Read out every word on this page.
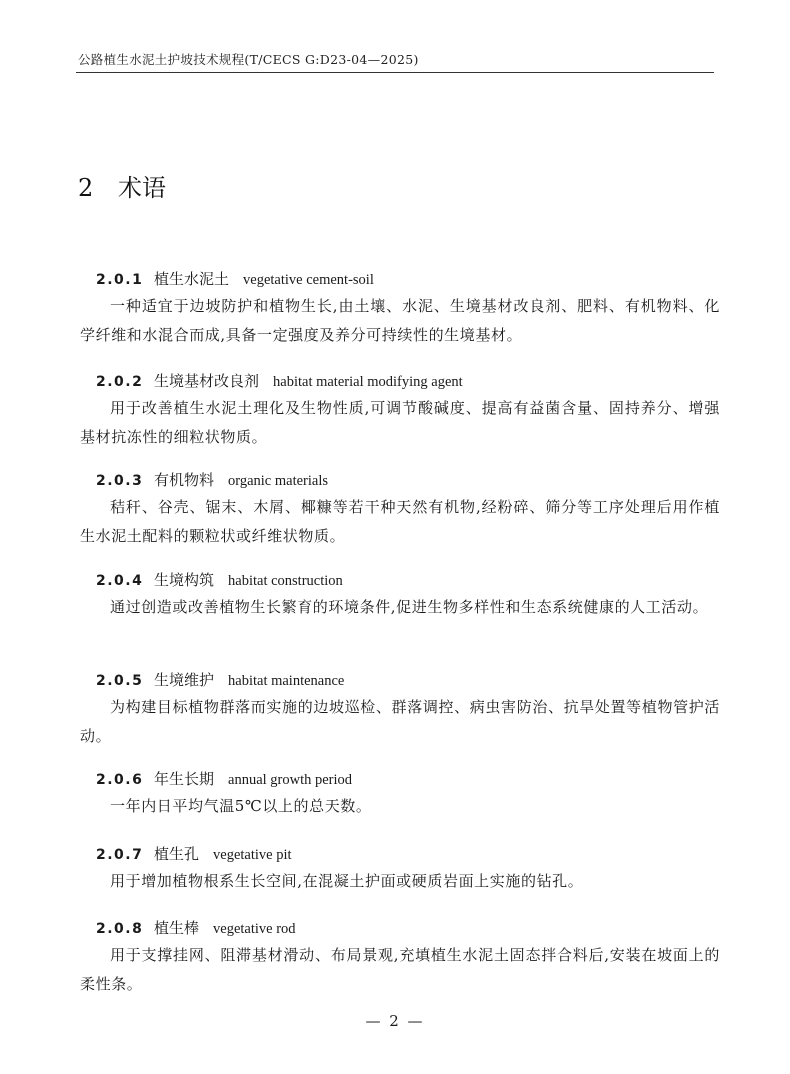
公路植生水泥土护坡技术规程(T/CECS G:D23-04—2025)
2 术语
2.0.1 植生水泥土 vegetative cement-soil
一种适宜于边坡防护和植物生长,由土壤、水泥、生境基材改良剂、肥料、有机物料、化学纤维和水混合而成,具备一定强度及养分可持续性的生境基材。
2.0.2 生境基材改良剂 habitat material modifying agent
用于改善植生水泥土理化及生物性质,可调节酸碱度、提高有益菌含量、固持养分、增强基材抗冻性的细粒状物质。
2.0.3 有机物料 organic materials
秸秆、谷壳、锯末、木屑、椰糠等若干种天然有机物,经粉碎、筛分等工序处理后用作植生水泥土配料的颗粒状或纤维状物质。
2.0.4 生境构筑 habitat construction
通过创造或改善植物生长繁育的环境条件,促进生物多样性和生态系统健康的人工活动。
2.0.5 生境维护 habitat maintenance
为构建目标植物群落而实施的边坡巡检、群落调控、病虫害防治、抗旱处置等植物管护活动。
2.0.6 年生长期 annual growth period
一年内日平均气温5℃以上的总天数。
2.0.7 植生孔 vegetative pit
用于增加植物根系生长空间,在混凝土护面或硬质岩面上实施的钻孔。
2.0.8 植生棒 vegetative rod
用于支撑挂网、阻滞基材滑动、布局景观,充填植生水泥土固态拌合料后,安装在坡面上的柔性条。
— 2 —
